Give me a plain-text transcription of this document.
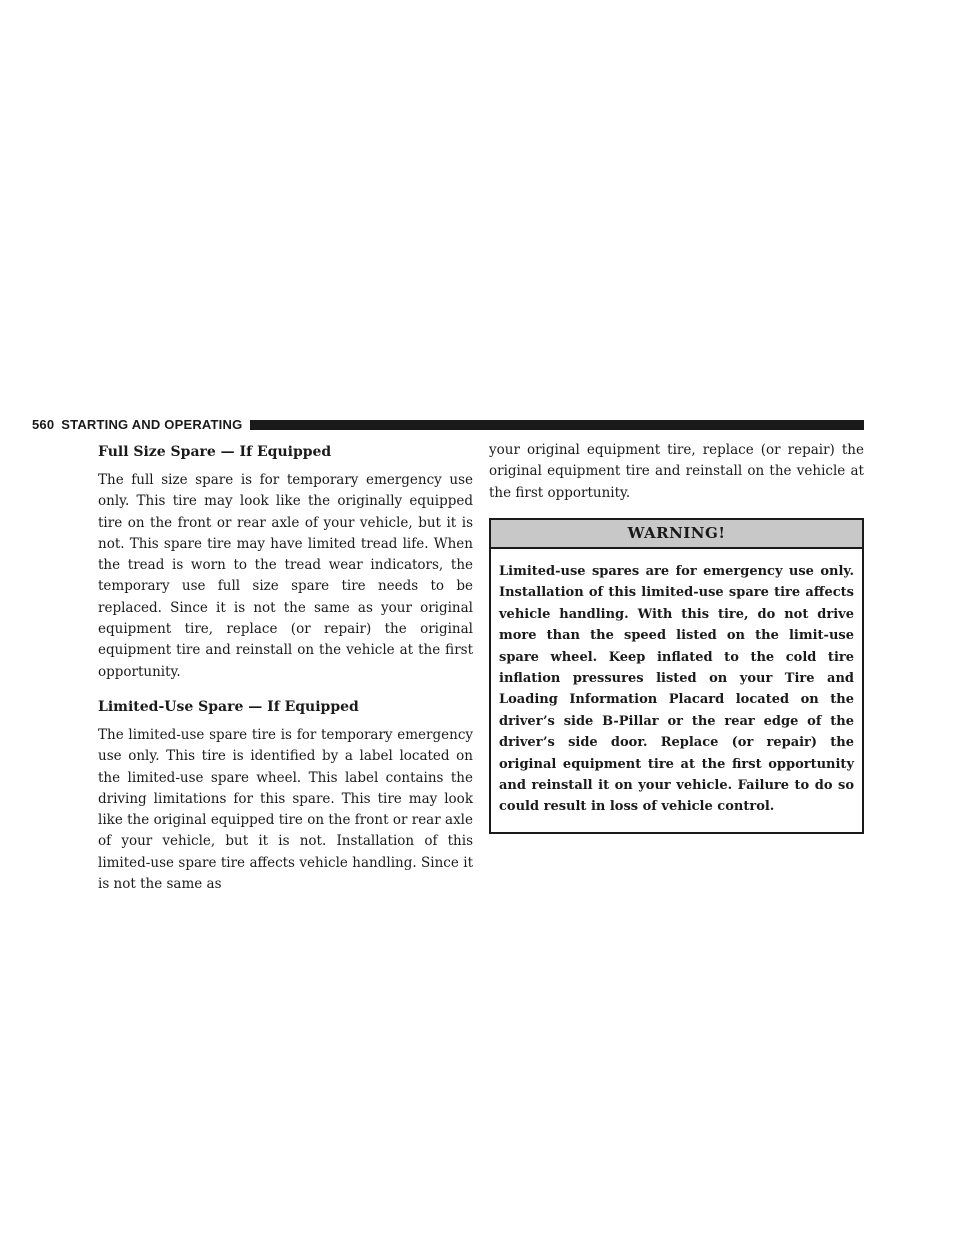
560 STARTING AND OPERATING
Full Size Spare — If Equipped

The full size spare is for temporary emergency use only. This tire may look like the originally equipped tire on the front or rear axle of your vehicle, but it is not. This spare tire may have limited tread life. When the tread is worn to the tread wear indicators, the temporary use full size spare tire needs to be replaced. Since it is not the same as your original equipment tire, replace (or repair) the original equipment tire and reinstall on the vehicle at the first opportunity.

Limited-Use Spare — If Equipped

The limited-use spare tire is for temporary emergency use only. This tire is identified by a label located on the limited-use spare wheel. This label contains the driving limitations for this spare. This tire may look like the original equipped tire on the front or rear axle of your vehicle, but it is not. Installation of this limited-use spare tire affects vehicle handling. Since it is not the same as

your original equipment tire, replace (or repair) the original equipment tire and reinstall on the vehicle at the first opportunity.

WARNING!

Limited-use spares are for emergency use only. Installation of this limited-use spare tire affects vehicle handling. With this tire, do not drive more than the speed listed on the limit-use spare wheel. Keep inflated to the cold tire inflation pressures listed on your Tire and Loading Information Placard located on the driver’s side B-Pillar or the rear edge of the driver’s side door. Replace (or repair) the original equipment tire at the first opportunity and reinstall it on your vehicle. Failure to do so could result in loss of vehicle control.
